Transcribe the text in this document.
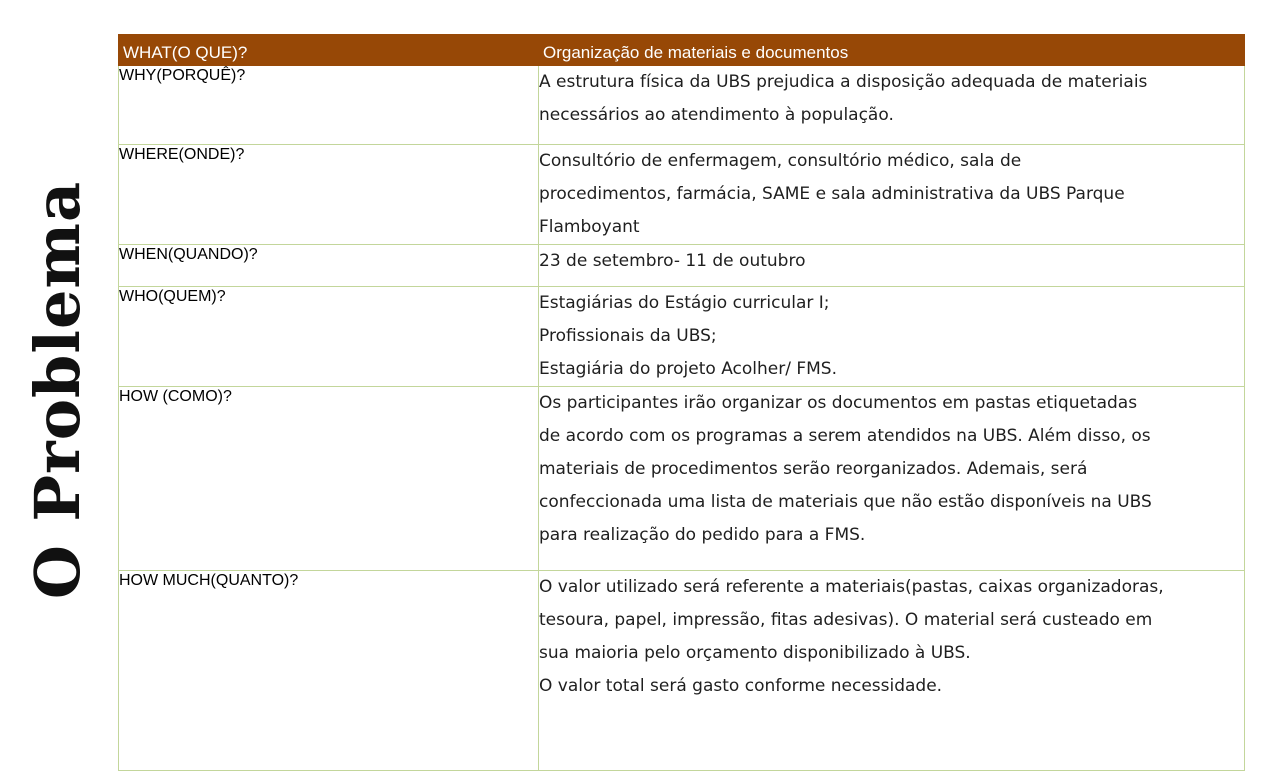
O Problema
WHAT(O QUE)?	Organização de materiais e documentos
WHY(PORQUÊ)?	A estrutura física da UBS prejudica a disposição adequada de materiais
necessários ao atendimento à população.

WHERE(ONDE)?	Consultório de enfermagem, consultório médico, sala de
procedimentos, farmácia, SAME e sala administrativa da UBS Parque
Flamboyant

WHEN(QUANDO)?	23 de setembro- 11 de outubro

WHO(QUEM)?	Estagiárias do Estágio curricular I;
Profissionais da UBS;
Estagiária do projeto Acolher/ FMS.

HOW (COMO)?	Os participantes irão organizar os documentos em pastas etiquetadas
de acordo com os programas a serem atendidos na UBS. Além disso, os
materiais de procedimentos serão reorganizados. Ademais, será
confeccionada uma lista de materiais que não estão disponíveis na UBS
para realização do pedido para a FMS.

HOW MUCH(QUANTO)?	O valor utilizado será referente a materiais(pastas, caixas organizadoras,
tesoura, papel, impressão, fitas adesivas). O material será custeado em
sua maioria pelo orçamento disponibilizado à UBS.
O valor total será gasto conforme necessidade.
